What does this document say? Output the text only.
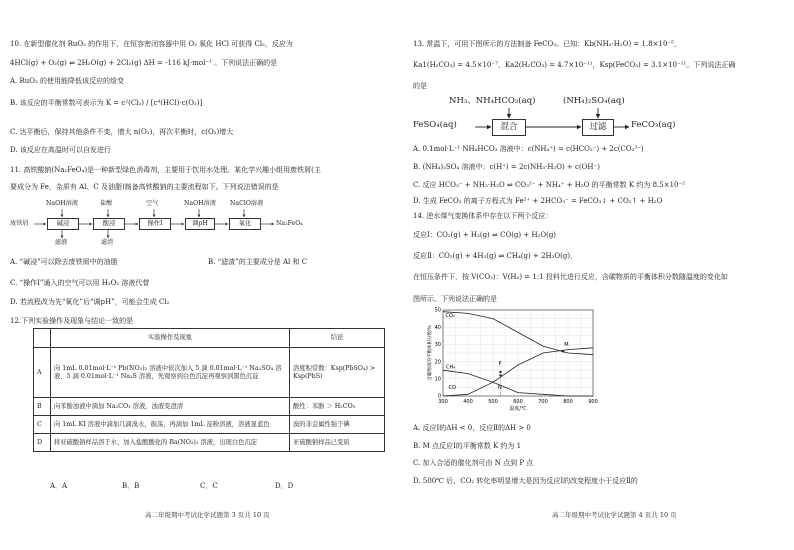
10. 在新型催化剂 RuO₂ 的作用下，在恒容密闭容器中用 O₂ 氧化 HCl 可获得 Cl₂，反应为
4HCl(g) + O₂(g) ⇌ 2H₂O(g) + 2Cl₂(g) ΔH = -116 kJ·mol⁻¹ 。下列说法正确的是
A. RuO₂ 的使用能降低该反应的焓变
B. 该反应的平衡常数可表示为 K = c²(Cl₂) / [c⁴(HCl)·c(O₂)]
C. 达平衡后，保持其他条件不变，增大 n(O₂)，再次平衡时，c(O₂)增大
D. 该反应在高温时可以自发进行
11. 高铁酸钠(Na₂FeO₄)是一种新型绿色消毒剂，主要用于饮用水处理。某化学兴趣小组用废铁屑(主
要成分为 Fe，杂质有 Al、C 及油脂)制备高铁酸钠的主要流程如下。下列说法错误的是
废铁屑
NaOH溶液	盐酸	空气	NaOH溶液 NaClO溶液
碱浸	酸浸	操作Ⅰ	调pH	氧化	Na₂FeO₄
滤液	滤渣
A. “碱浸”可以除去废铁屑中的油脂	B. “滤渣”的主要成分是 Al 和 C
C. “操作Ⅰ”通入的空气可以用 H₂O₂ 溶液代替
D. 若流程改为先“氧化”后“调pH”，可能会生成 Cl₂
12.下列实验操作及现象与结论一致的是
	实验操作及现象	结论
A	向 1mL 0.01mol·L⁻¹ Pb(NO₃)₂ 溶液中依次加入 5 滴 0.01mol·L⁻¹ Na₂SO₄ 溶液、5 滴 0.01mol·L⁻¹ Na₂S 溶液，先观察到白色沉淀再观察到黑色沉淀	溶度积常数：Ksp(PbSO₄) > Ksp(PbS)
B	向苯酚浊液中滴加 Na₂CO₃ 溶液，浊液变澄清	酸性：苯酚 ＞ H₂CO₃
C	向 1mL KI 溶液中滴加几滴溴水，振荡，再滴加 1mL 淀粉溶液，溶液显蓝色	溴的非金属性强于碘
D	将亚硫酸钠样品溶于水，加入盐酸酸化的 Ba(NO₃)₂ 溶液，出现白色沉淀	亚硫酸钠样品已变质
A．A	B．B	C．C	D．D
高二年级期中考试化学试题第 3 页共 10 页
13. 常温下，可用下图所示的方法制备 FeCO₃。已知：Kb(NH₃·H₂O) = 1.8×10⁻⁵，
Ka1(H₂CO₃) = 4.5×10⁻⁷，Ka2(H₂CO₃) = 4.7×10⁻¹¹，Ksp(FeCO₃) = 3.1×10⁻¹¹。下列说法正确
的是
NH₃、NH₄HCO₃(aq)	(NH₄)₂SO₄(aq)
FeSO₄(aq)	混合	过滤	FeCO₃(aq)
A. 0.1mol·L⁻¹ NH₄HCO₃ 溶液中：c(NH₄⁺) = c(HCO₃⁻) + 2c(CO₃²⁻)
B. (NH₄)₂SO₄ 溶液中：c(H⁺) = 2c(NH₃·H₂O) + c(OH⁻)
C. 反应 HCO₃⁻ + NH₃·H₂O ⇌ CO₃²⁻ + NH₄⁺ + H₂O 的平衡常数 K 约为 8.5×10⁻²
D. 生成 FeCO₃ 的离子方程式为 Fe²⁺ + 2HCO₃⁻ = FeCO₃↓ + CO₂↑ + H₂O
14. 逆水煤气变换体系中存在以下两个反应：
反应Ⅰ：CO₂(g) + H₂(g) ⇌ CO(g) + H₂O(g)
反应Ⅱ：CO₂(g) + 4H₂(g) ⇌ CH₄(g) + 2H₂O(g)，
在恒压条件下，按 V(CO₂)：V(H₂) = 1:1 投料比进行反应，含碳物质的平衡体积分数随温度的变化如
图所示。下列说法正确的是
300	400	500	600	700	800	900
0
10
20
30
40
50
温度/℃
含碳物质的平衡体积分数/%
CO₂
CH₄
CO
M
N
P
A. 反应Ⅰ的ΔH < 0，反应Ⅱ的ΔH > 0
B. M 点反应Ⅰ的平衡常数 K 约为 1
C. 加入合适的催化剂可由 N 点到 P 点
D. 500℃ 后，CO₂ 转化率明显增大是因为反应Ⅰ的改变程度小于反应Ⅱ的
高二年级期中考试化学试题第 4 页共 10 页
